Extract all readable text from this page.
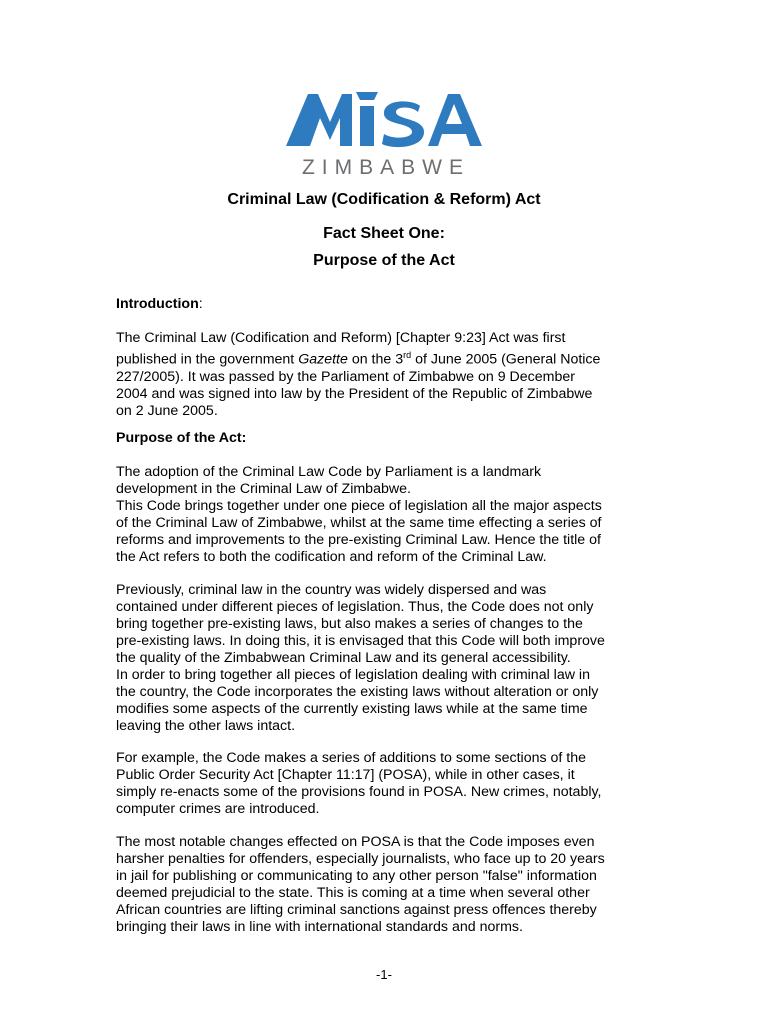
ZIMBABWE
Criminal Law (Codification & Reform) Act
Fact Sheet One:
Purpose of the Act
Introduction:
The Criminal Law (Codification and Reform) [Chapter 9:23] Act was first
published in the government Gazette on the 3rd of June 2005 (General Notice
227/2005). It was passed by the Parliament of Zimbabwe on 9 December
2004 and was signed into law by the President of the Republic of Zimbabwe
on 2 June 2005.
Purpose of the Act:
The adoption of the Criminal Law Code by Parliament is a landmark
development in the Criminal Law of Zimbabwe.
This Code brings together under one piece of legislation all the major aspects
of the Criminal Law of Zimbabwe, whilst at the same time effecting a series of
reforms and improvements to the pre-existing Criminal Law. Hence the title of
the Act refers to both the codification and reform of the Criminal Law.
Previously, criminal law in the country was widely dispersed and was
contained under different pieces of legislation. Thus, the Code does not only
bring together pre-existing laws, but also makes a series of changes to the
pre-existing laws. In doing this, it is envisaged that this Code will both improve
the quality of the Zimbabwean Criminal Law and its general accessibility.
In order to bring together all pieces of legislation dealing with criminal law in
the country, the Code incorporates the existing laws without alteration or only
modifies some aspects of the currently existing laws while at the same time
leaving the other laws intact.
For example, the Code makes a series of additions to some sections of the
Public Order Security Act [Chapter 11:17] (POSA), while in other cases, it
simply re-enacts some of the provisions found in POSA. New crimes, notably,
computer crimes are introduced.
The most notable changes effected on POSA is that the Code imposes even
harsher penalties for offenders, especially journalists, who face up to 20 years
in jail for publishing or communicating to any other person "false" information
deemed prejudicial to the state. This is coming at a time when several other
African countries are lifting criminal sanctions against press offences thereby
bringing their laws in line with international standards and norms.
-1-
